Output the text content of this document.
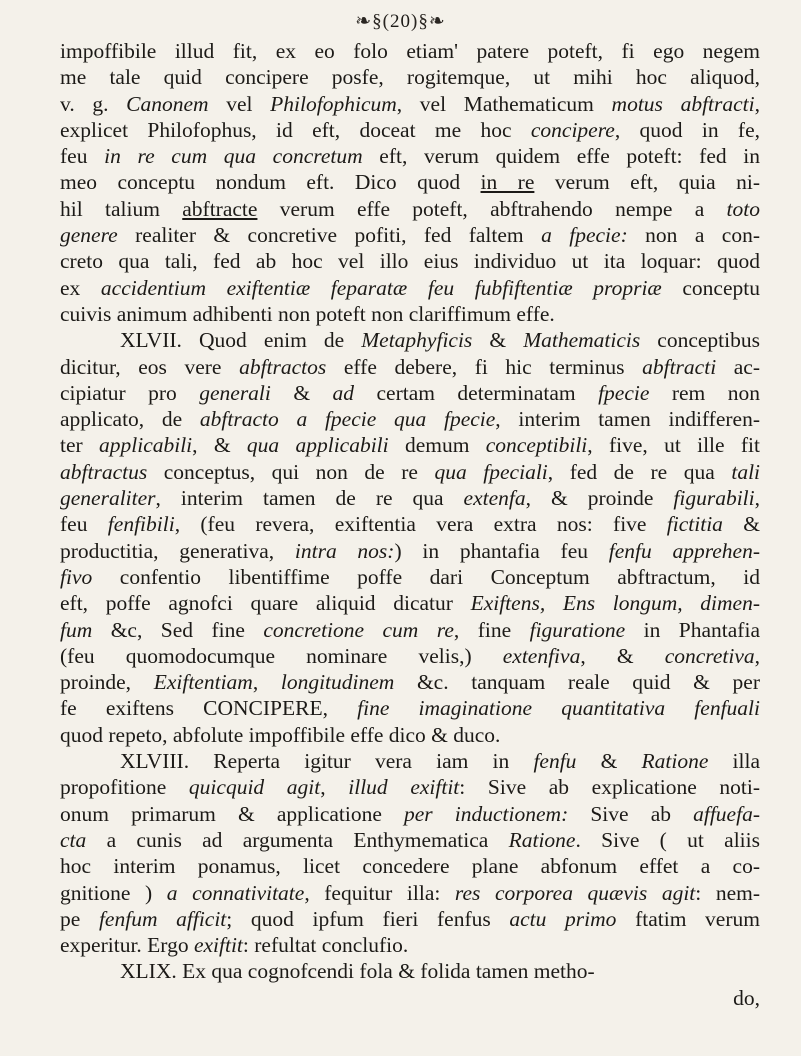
❧§(20)§❧
impoffibile illud fit, ex eo folo etiam' patere poteft, fi ego negem
me tale quid concipere posfe, rogitemque, ut mihi hoc aliquod,
v. g. Canonem vel Philofophicum, vel Mathematicum motus abftracti,
explicet Philofophus, id eft, doceat me hoc concipere, quod in fe,
feu in re cum qua concretum eft, verum quidem effe poteft: fed in
meo conceptu nondum eft. Dico quod in re verum eft, quia ni-
hil talium abftracte verum effe poteft, abftrahendo nempe a toto
genere realiter & concretive pofiti, fed faltem a fpecie: non a con-
creto qua tali, fed ab hoc vel illo eius individuo ut ita loquar: quod
ex accidentium exiftentiæ feparatæ feu fubfiftentiæ propriæ conceptu
cuivis animum adhibenti non poteft non clariffimum effe.
XLVII. Quod enim de Metaphyficis & Mathematicis conceptibus
dicitur, eos vere abftractos effe debere, fi hic terminus abftracti ac-
cipiatur pro generali & ad certam determinatam fpecie rem non
applicato, de abftracto a fpecie qua fpecie, interim tamen indifferen-
ter applicabili, & qua applicabili demum conceptibili, five, ut ille fit
abftractus conceptus, qui non de re qua fpeciali, fed de re qua tali
generaliter, interim tamen de re qua extenfa, & proinde figurabili,
feu fenfibili, (feu revera, exiftentia vera extra nos: five fictitia &
productitia, generativa, intra nos:) in phantafia feu fenfu apprehen-
fivo confentio libentiffime poffe dari Conceptum abftractum, id
eft, poffe agnofci quare aliquid dicatur Exiftens, Ens longum, dimen-
fum &c, Sed fine concretione cum re, fine figuratione in Phantafia
(feu quomodocumque nominare velis,) extenfiva, & concretiva,
proinde, Exiftentiam, longitudinem &c. tanquam reale quid & per
fe exiftens CONCIPERE, fine imaginatione quantitativa fenfuali
quod repeto, abfolute impoffibile effe dico & duco.
XLVIII. Reperta igitur vera iam in fenfu & Ratione illa
propofitione quicquid agit, illud exiftit: Sive ab explicatione noti-
onum primarum & applicatione per inductionem: Sive ab affuefa-
cta a cunis ad argumenta Enthymematica Ratione. Sive ( ut aliis
hoc interim ponamus, licet concedere plane abfonum effet a co-
gnitione ) a connativitate, fequitur illa: res corporea quævis agit: nem-
pe fenfum afficit; quod ipfum fieri fenfus actu primo ftatim verum
experitur. Ergo exiftit: refultat conclufio.
XLIX. Ex qua cognofcendi fola & folida tamen metho-
do,
